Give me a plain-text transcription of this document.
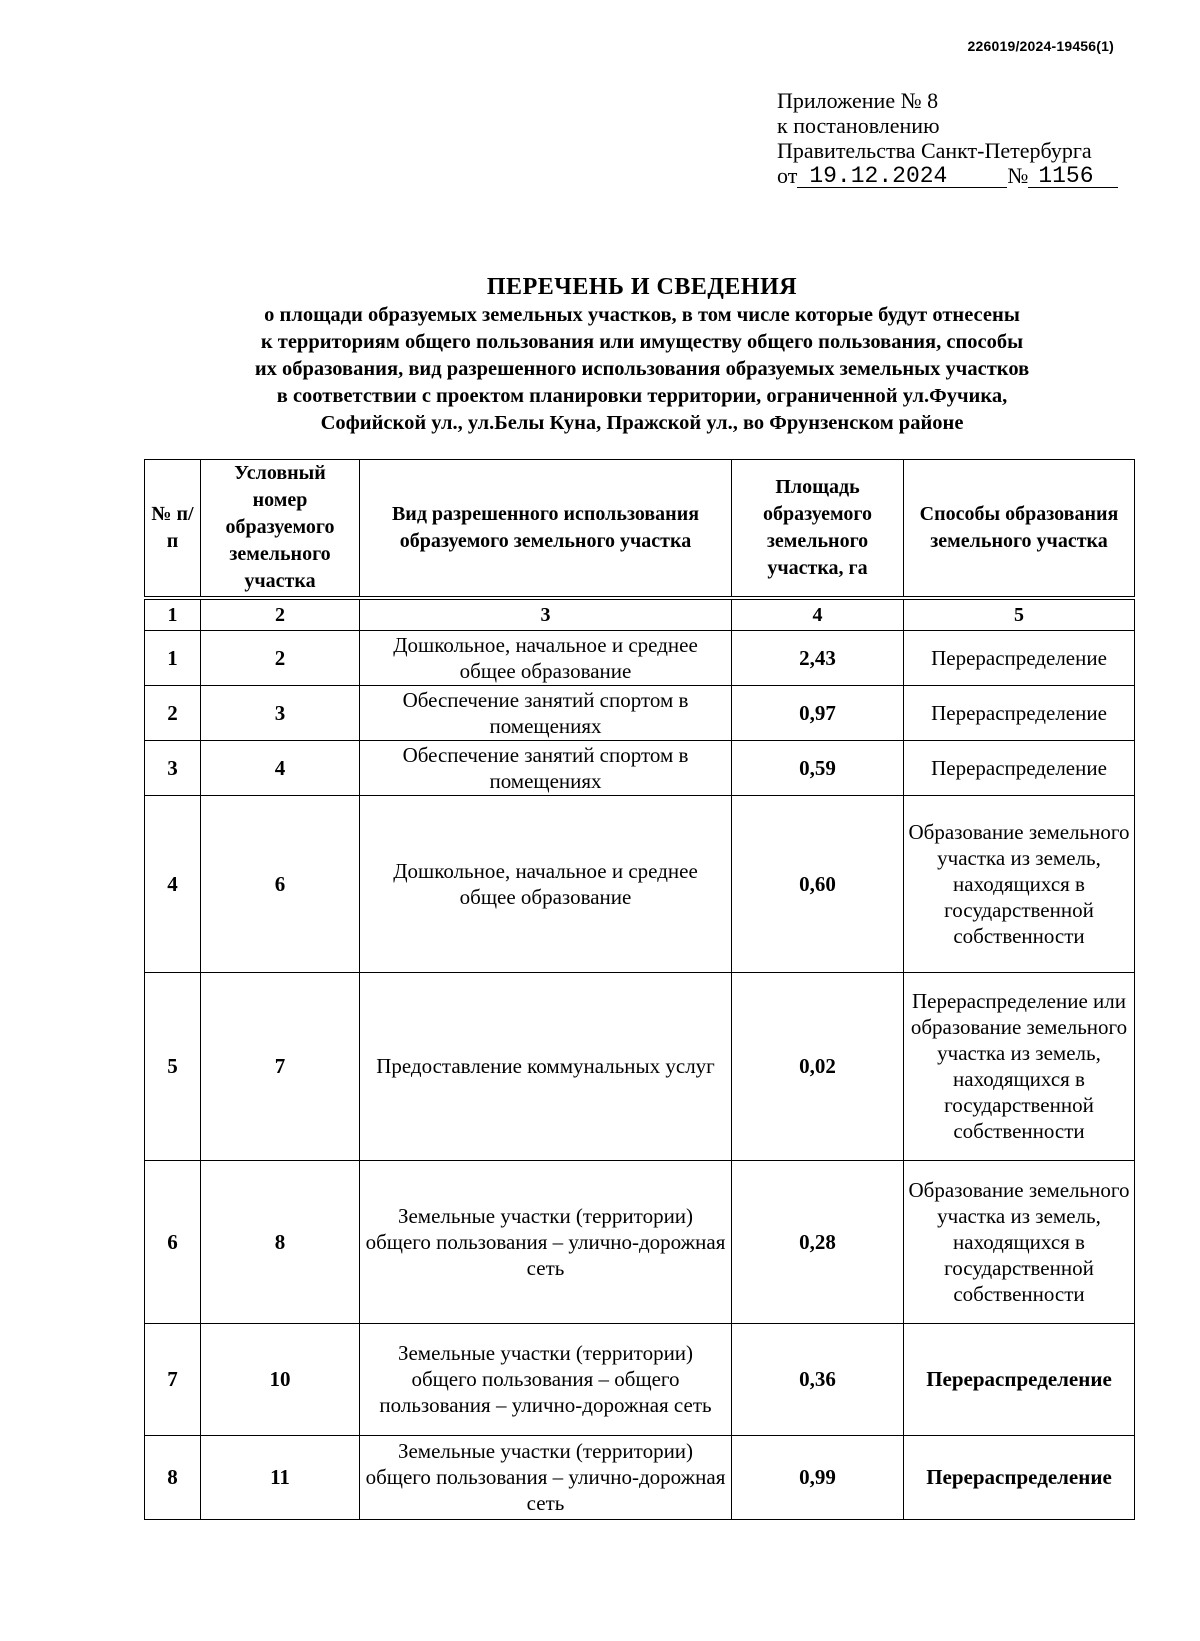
226019/2024-19456(1)
Приложение № 8
к постановлению
Правительства Санкт-Петербурга
от 19.12.2024	№ 1156
ПЕРЕЧЕНЬ И СВЕДЕНИЯ
о площади образуемых земельных участков, в том числе которые будут отнесены
к территориям общего пользования или имуществу общего пользования, способы
их образования, вид разрешенного использования образуемых земельных участков
в соответствии с проектом планировки территории, ограниченной ул.Фучика,
Софийской ул., ул.Белы Куна, Пражской ул., во Фрунзенском районе
№ п/п	Условный номер образуемого земельного участка	Вид разрешенного использования образуемого земельного участка	Площадь образуемого земельного участка, га	Способы образования земельного участка
1	2	3	4	5
1	2	Дошкольное, начальное и среднее общее образование	2,43	Перераспределение
2	3	Обеспечение занятий спортом в помещениях	0,97	Перераспределение
3	4	Обеспечение занятий спортом в помещениях	0,59	Перераспределение
4	6	Дошкольное, начальное и среднее общее образование	0,60	Образование земельного участка из земель, находящихся в государственной собственности
5	7	Предоставление коммунальных услуг	0,02	Перераспределение или образование земельного участка из земель, находящихся в государственной собственности
6	8	Земельные участки (территории) общего пользования – улично-дорожная сеть	0,28	Образование земельного участка из земель, находящихся в государственной собственности
7	10	Земельные участки (территории) общего пользования – общего пользования – улично-дорожная сеть	0,36	Перераспределение
8	11	Земельные участки (территории) общего пользования – улично-дорожная сеть	0,99	Перераспределение
